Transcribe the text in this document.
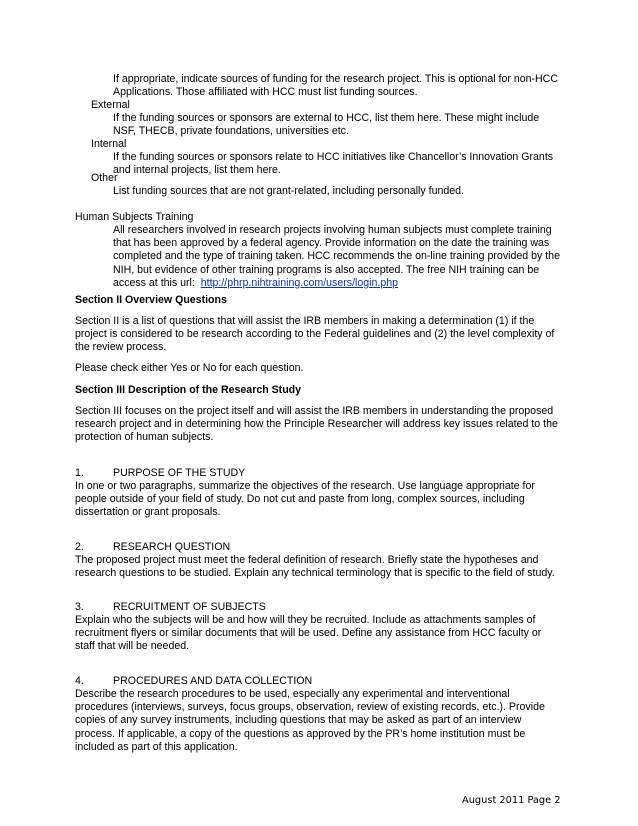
If appropriate, indicate sources of funding for the research project. This is optional for non-HCC Applications. Those affiliated with HCC must list funding sources.

External

If the funding sources or sponsors are external to HCC, list them here. These might include NSF, THECB, private foundations, universities etc.

Internal

If the funding sources or sponsors relate to HCC initiatives like Chancellor’s Innovation Grants and internal projects, list them here.

Other

List funding sources that are not grant-related, including personally funded.

Human Subjects Training

All researchers involved in research projects involving human subjects must complete training that has been approved by a federal agency. Provide information on the date the training was completed and the type of training taken. HCC recommends the on-line training provided by the NIH, but evidence of other training programs is also accepted. The free NIH training can be access at this url: http://phrp.nihtraining.com/users/login.php

Section II Overview Questions

Section II is a list of questions that will assist the IRB members in making a determination (1) if the project is considered to be research according to the Federal guidelines and (2) the level complexity of the review process.

Please check either Yes or No for each question.

Section III Description of the Research Study

Section III focuses on the project itself and will assist the IRB members in understanding the proposed research project and in determining how the Principle Researcher will address key issues related to the protection of human subjects.

1.	PURPOSE OF THE STUDY

In one or two paragraphs, summarize the objectives of the research. Use language appropriate for people outside of your field of study. Do not cut and paste from long, complex sources, including dissertation or grant proposals.

2.	RESEARCH QUESTION

The proposed project must meet the federal definition of research. Briefly state the hypotheses and research questions to be studied. Explain any technical terminology that is specific to the field of study.

3.	RECRUITMENT OF SUBJECTS

Explain who the subjects will be and how will they be recruited. Include as attachments samples of recruitment flyers or similar documents that will be used. Define any assistance from HCC faculty or staff that will be needed.

4.	PROCEDURES AND DATA COLLECTION

Describe the research procedures to be used, especially any experimental and interventional procedures (interviews, surveys, focus groups, observation, review of existing records, etc.). Provide copies of any survey instruments, including questions that may be asked as part of an interview process. If applicable, a copy of the questions as approved by the PR’s home institution must be included as part of this application.

August 2011 Page 2
